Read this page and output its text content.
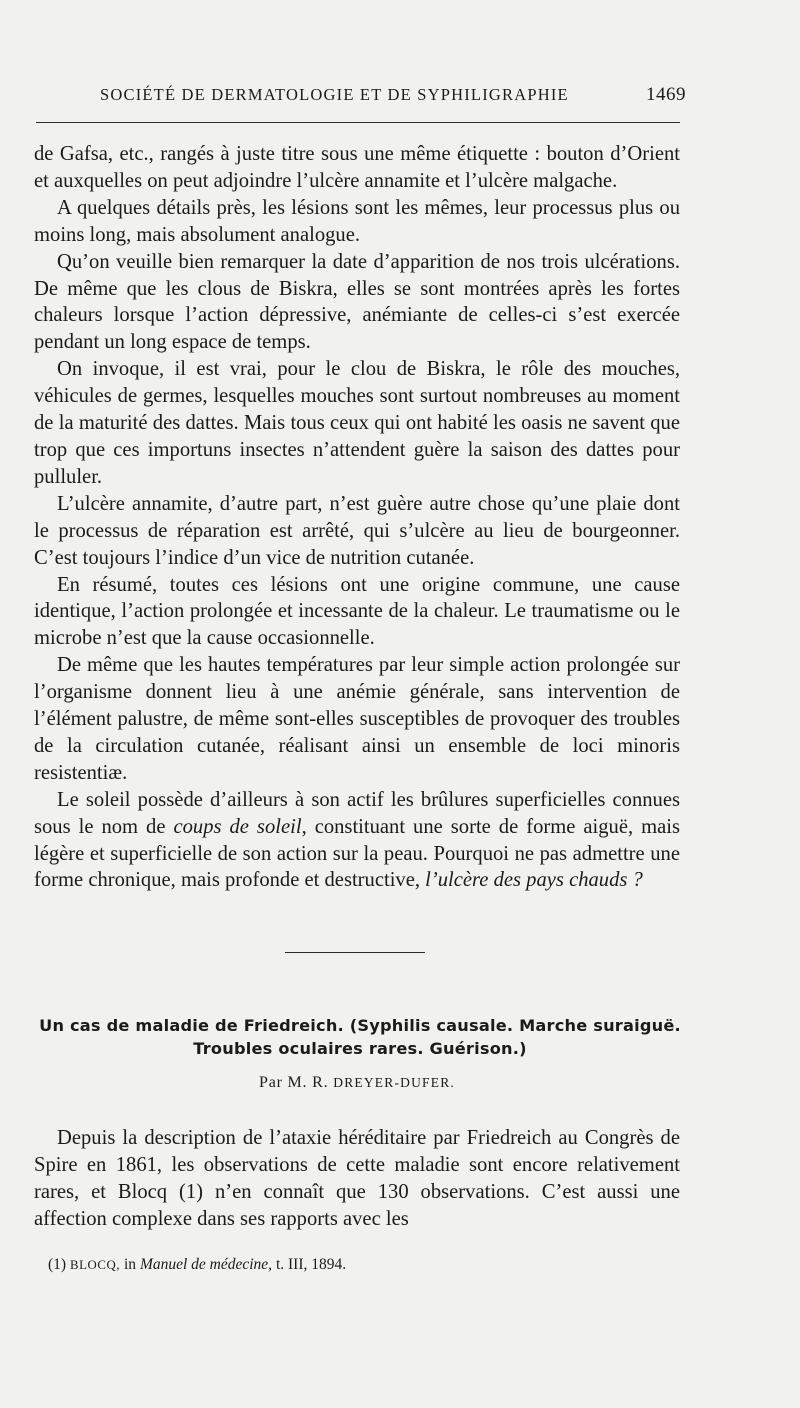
SOCIÉTÉ DE DERMATOLOGIE ET DE SYPHILIGRAPHIE	1469

de Gafsa, etc., rangés à juste titre sous une même étiquette : bouton d’Orient et auxquelles on peut adjoindre l’ulcère annamite et l’ulcère malgache.

A quelques détails près, les lésions sont les mêmes, leur processus plus ou moins long, mais absolument analogue.

Qu’on veuille bien remarquer la date d’apparition de nos trois ulcérations. De même que les clous de Biskra, elles se sont montrées après les fortes chaleurs lorsque l’action dépressive, anémiante de celles-ci s’est exercée pendant un long espace de temps.

On invoque, il est vrai, pour le clou de Biskra, le rôle des mouches, véhicules de germes, lesquelles mouches sont surtout nombreuses au moment de la maturité des dattes. Mais tous ceux qui ont habité les oasis ne savent que trop que ces importuns insectes n’attendent guère la saison des dattes pour pulluler.

L’ulcère annamite, d’autre part, n’est guère autre chose qu’une plaie dont le processus de réparation est arrêté, qui s’ulcère au lieu de bourgeonner. C’est toujours l’indice d’un vice de nutrition cutanée.

En résumé, toutes ces lésions ont une origine commune, une cause identique, l’action prolongée et incessante de la chaleur. Le traumatisme ou le microbe n’est que la cause occasionnelle.

De même que les hautes températures par leur simple action prolongée sur l’organisme donnent lieu à une anémie générale, sans intervention de l’élément palustre, de même sont-elles susceptibles de provoquer des troubles de la circulation cutanée, réalisant ainsi un ensemble de loci minoris resistentiæ.

Le soleil possède d’ailleurs à son actif les brûlures superficielles connues sous le nom de coups de soleil, constituant une sorte de forme aiguë, mais légère et superficielle de son action sur la peau. Pourquoi ne pas admettre une forme chronique, mais profonde et destructive, l’ulcère des pays chauds ?

Un cas de maladie de Friedreich. (Syphilis causale. Marche suraiguë.
Troubles oculaires rares. Guérison.)
Par M. R. DREYER-DUFER.

Depuis la description de l’ataxie héréditaire par Friedreich au Congrès de Spire en 1861, les observations de cette maladie sont encore relativement rares, et Blocq (1) n’en connaît que 130 observations. C’est aussi une affection complexe dans ses rapports avec les

(1) BLOCQ, in Manuel de médecine, t. III, 1894.
